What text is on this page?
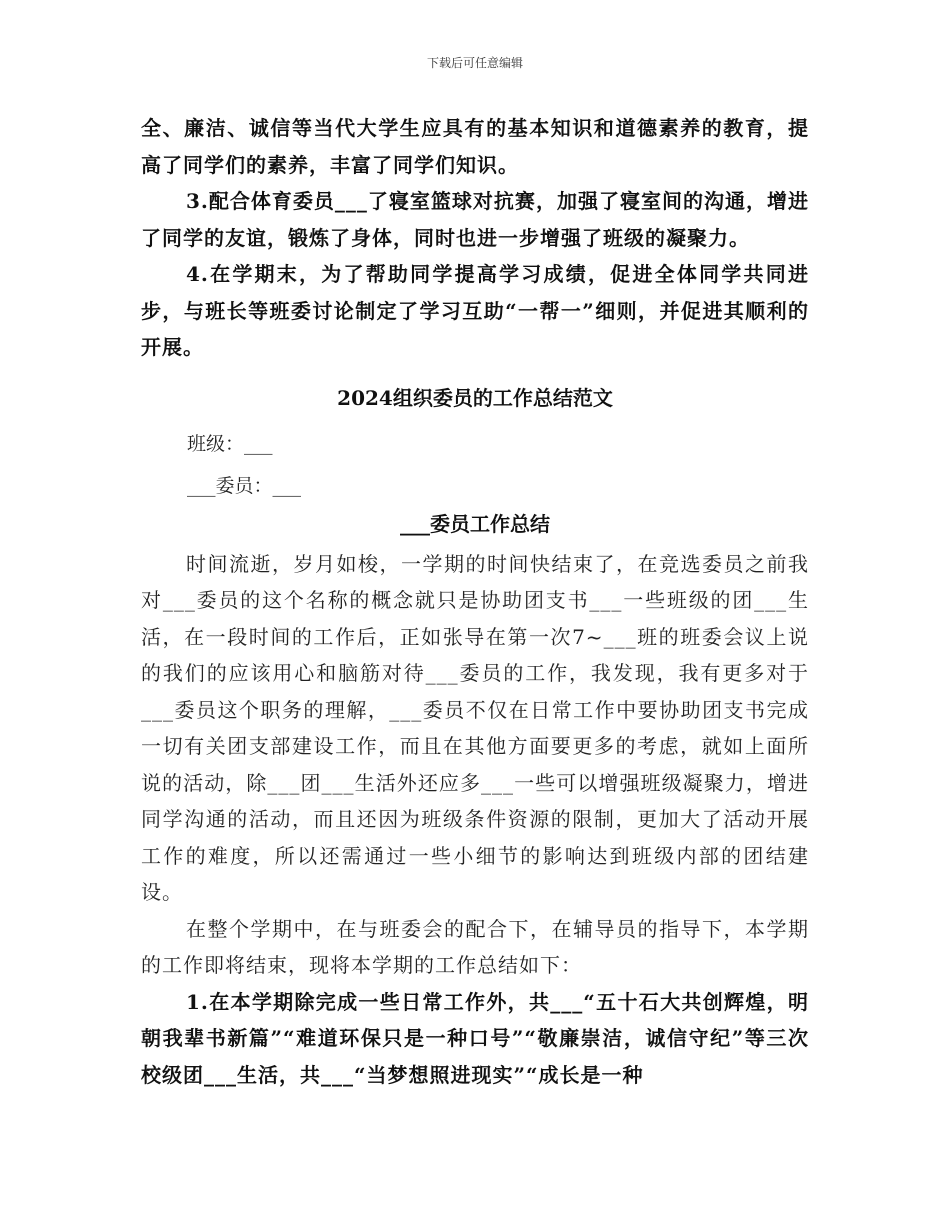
下载后可任意编辑

全、廉洁、诚信等当代大学生应具有的基本知识和道德素养的教育，提高了同学们的素养，丰富了同学们知识。

3.配合体育委员___了寝室篮球对抗赛，加强了寝室间的沟通，增进了同学的友谊，锻炼了身体，同时也进一步增强了班级的凝聚力。

4.在学期末，为了帮助同学提高学习成绩，促进全体同学共同进步，与班长等班委讨论制定了学习互助“一帮一”细则，并促进其顺利的开展。

2024组织委员的工作总结范文
班级：___
___委员：___
___委员工作总结

时间流逝，岁月如梭，一学期的时间快结束了，在竞选委员之前我对___委员的这个名称的概念就只是协助团支书___一些班级的团___生活，在一段时间的工作后，正如张导在第一次7~___班的班委会议上说的我们的应该用心和脑筋对待___委员的工作，我发现，我有更多对于___委员这个职务的理解，___委员不仅在日常工作中要协助团支书完成一切有关团支部建设工作，而且在其他方面要更多的考虑，就如上面所说的活动，除___团___生活外还应多___一些可以增强班级凝聚力，增进同学沟通的活动，而且还因为班级条件资源的限制，更加大了活动开展工作的难度，所以还需通过一些小细节的影响达到班级内部的团结建设。

在整个学期中，在与班委会的配合下，在辅导员的指导下，本学期的工作即将结束，现将本学期的工作总结如下：

1.在本学期除完成一些日常工作外，共___“五十石大共创辉煌，明朝我辈书新篇”“难道环保只是一种口号”“敬廉崇洁，诚信守纪”等三次校级团___生活，共___“当梦想照进现实”“成长是一种
